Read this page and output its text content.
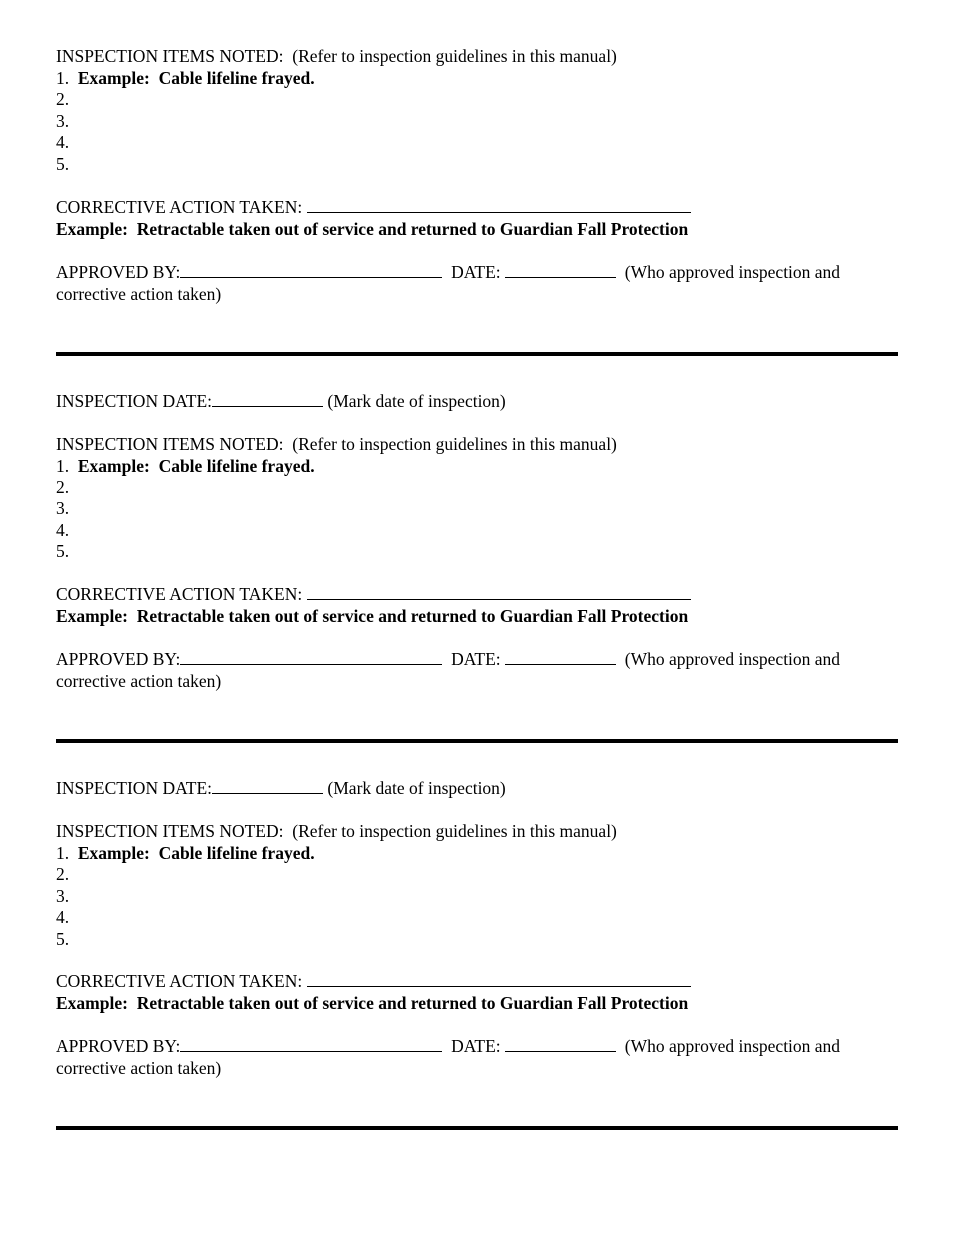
INSPECTION ITEMS NOTED:  (Refer to inspection guidelines in this manual)
1. Example:  Cable lifeline frayed.
2.
3.
4.
5.
CORRECTIVE ACTION TAKEN:
Example:  Retractable taken out of service and returned to Guardian Fall Protection
APPROVED BY:	DATE:	(Who approved inspection and
corrective action taken)
INSPECTION DATE:	(Mark date of inspection)
INSPECTION ITEMS NOTED:  (Refer to inspection guidelines in this manual)
1. Example:  Cable lifeline frayed.
2.
3.
4.
5.
CORRECTIVE ACTION TAKEN:
Example:  Retractable taken out of service and returned to Guardian Fall Protection
APPROVED BY:	DATE:	(Who approved inspection and
corrective action taken)
INSPECTION DATE:	(Mark date of inspection)
INSPECTION ITEMS NOTED:  (Refer to inspection guidelines in this manual)
1. Example:  Cable lifeline frayed.
2.
3.
4.
5.
CORRECTIVE ACTION TAKEN:
Example:  Retractable taken out of service and returned to Guardian Fall Protection
APPROVED BY:	DATE:	(Who approved inspection and
corrective action taken)
